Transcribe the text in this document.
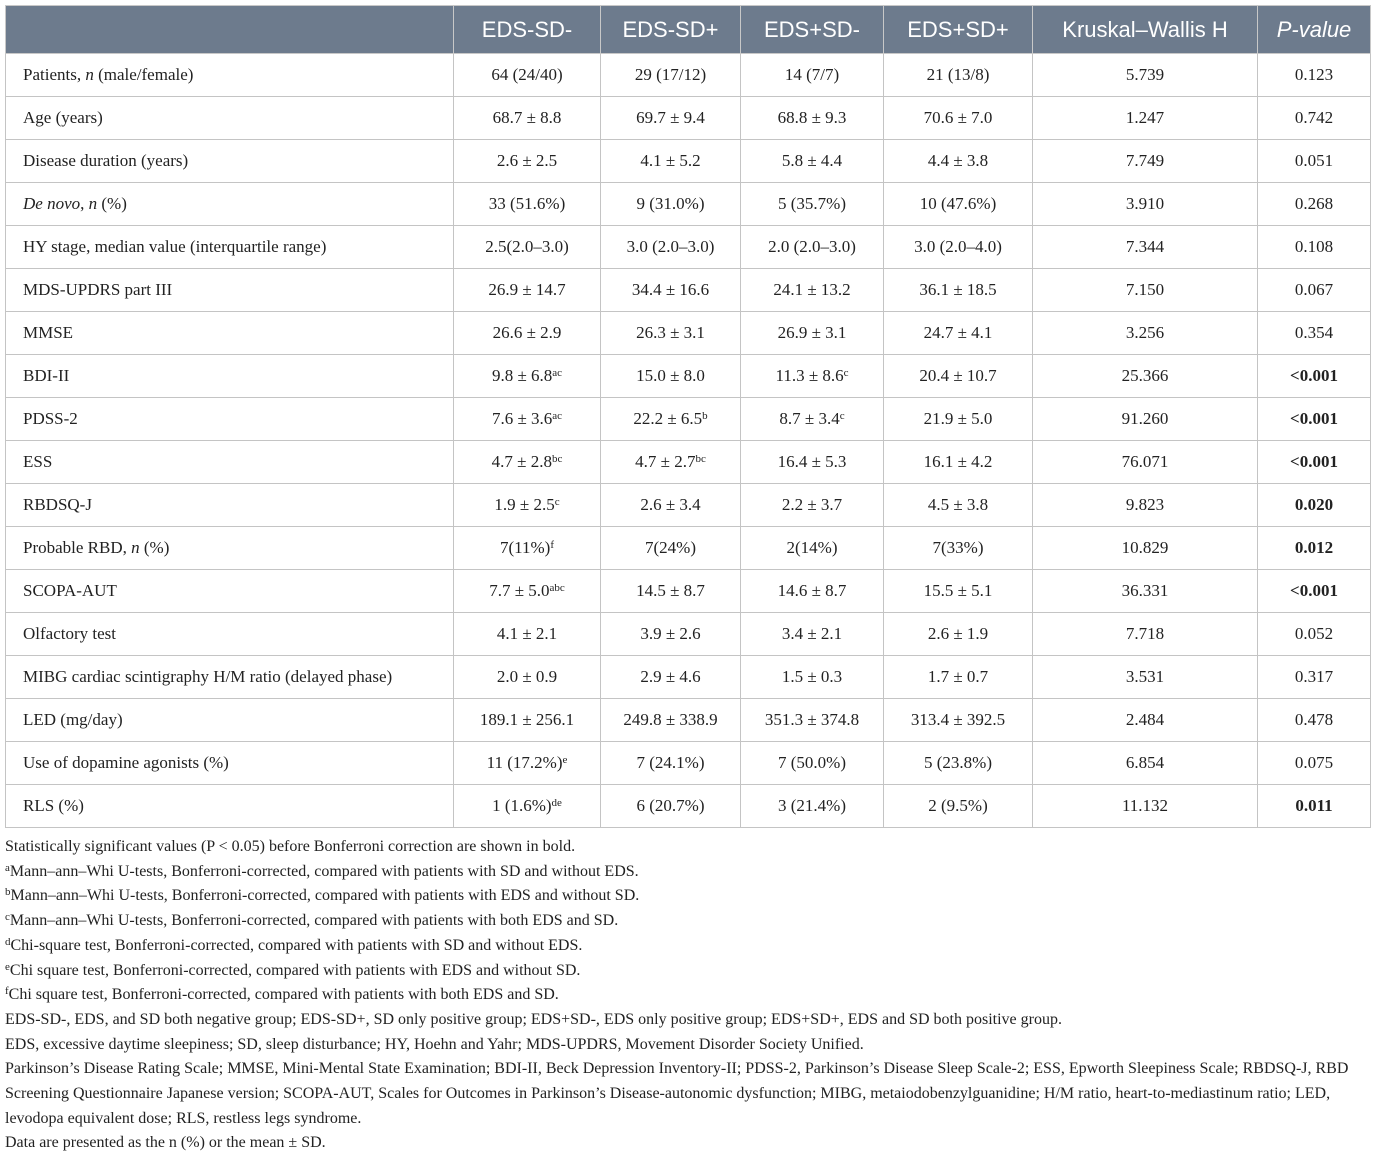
	EDS-SD-	EDS-SD+	EDS+SD-	EDS+SD+	Kruskal–Wallis H	P-value
Patients, n (male/female)	64 (24/40)	29 (17/12)	14 (7/7)	21 (13/8)	5.739	0.123
Age (years)	68.7 ± 8.8	69.7 ± 9.4	68.8 ± 9.3	70.6 ± 7.0	1.247	0.742
Disease duration (years)	2.6 ± 2.5	4.1 ± 5.2	5.8 ± 4.4	4.4 ± 3.8	7.749	0.051
De novo, n (%)	33 (51.6%)	9 (31.0%)	5 (35.7%)	10 (47.6%)	3.910	0.268
HY stage, median value (interquartile range)	2.5(2.0–3.0)	3.0 (2.0–3.0)	2.0 (2.0–3.0)	3.0 (2.0–4.0)	7.344	0.108
MDS-UPDRS part III	26.9 ± 14.7	34.4 ± 16.6	24.1 ± 13.2	36.1 ± 18.5	7.150	0.067
MMSE	26.6 ± 2.9	26.3 ± 3.1	26.9 ± 3.1	24.7 ± 4.1	3.256	0.354
BDI-II	9.8 ± 6.8$^{ac}$	15.0 ± 8.0	11.3 ± 8.6$^c$	20.4 ± 10.7	25.366	<0.001
PDSS-2	7.6 ± 3.6$^{ac}$	22.2 ± 6.5$^b$	8.7 ± 3.4$^c$	21.9 ± 5.0	91.260	<0.001
ESS	4.7 ± 2.8$^{bc}$	4.7 ± 2.7$^{bc}$	16.4 ± 5.3	16.1 ± 4.2	76.071	<0.001
RBDSQ-J	1.9 ± 2.5$^c$	2.6 ± 3.4	2.2 ± 3.7	4.5 ± 3.8	9.823	0.020
Probable RBD, n (%)	$7(11\%)^f$	7(24%)	2(14%)	7(33%)	10.829	0.012
SCOPA-AUT	7.7 ± 5.0$^{abc}$	14.5 ± 8.7	14.6 ± 8.7	15.5 ± 5.1	36.331	<0.001
Olfactory test	4.1 ± 2.1	3.9 ± 2.6	3.4 ± 2.1	2.6 ± 1.9	7.718	0.052
MIBG cardiac scintigraphy H/M ratio (delayed phase)	2.0 ± 0.9	2.9 ± 4.6	1.5 ± 0.3	1.7 ± 0.7	3.531	0.317
LED (mg/day)	189.1 ± 256.1	249.8 ± 338.9	351.3 ± 374.8	313.4 ± 392.5	2.484	0.478
Use of dopamine agonists (%)	11 $(17.2\%)^e$	7 (24.1%)	7 (50.0%)	5 (23.8%)	6.854	0.075
RLS (%)	1 $(1.6\%)^{de}$	6 (20.7%)	3 (21.4%)	2 (9.5%)	11.132	0.011

Statistically significant values (P < 0.05) before Bonferroni correction are shown in bold.

$^a$Mann–ann–Whi U-tests, Bonferroni-corrected, compared with patients with SD and without EDS.

$^b$Mann–ann–Whi U-tests, Bonferroni-corrected, compared with patients with EDS and without SD.

$^c$Mann–ann–Whi U-tests, Bonferroni-corrected, compared with patients with both EDS and SD.

$^d$Chi-square test, Bonferroni-corrected, compared with patients with SD and without EDS.

$^e$Chi square test, Bonferroni-corrected, compared with patients with EDS and without SD.

$^f$Chi square test, Bonferroni-corrected, compared with patients with both EDS and SD.

EDS-SD-, EDS, and SD both negative group; EDS-SD+, SD only positive group; EDS+SD-, EDS only positive group; EDS+SD+, EDS and SD both positive group.

EDS, excessive daytime sleepiness; SD, sleep disturbance; HY, Hoehn and Yahr; MDS-UPDRS, Movement Disorder Society Unified.

Parkinson’s Disease Rating Scale; MMSE, Mini-Mental State Examination; BDI-II, Beck Depression Inventory-II; PDSS-2, Parkinson’s Disease Sleep Scale-2; ESS, Epworth Sleepiness Scale; RBDSQ-J, RBD Screening Questionnaire Japanese version; SCOPA-AUT, Scales for Outcomes in Parkinson’s Disease-autonomic dysfunction; MIBG, metaiodobenzylguanidine; H/M ratio, heart-to-mediastinum ratio; LED, levodopa equivalent dose; RLS, restless legs syndrome.

Data are presented as the n (%) or the mean ± SD.
